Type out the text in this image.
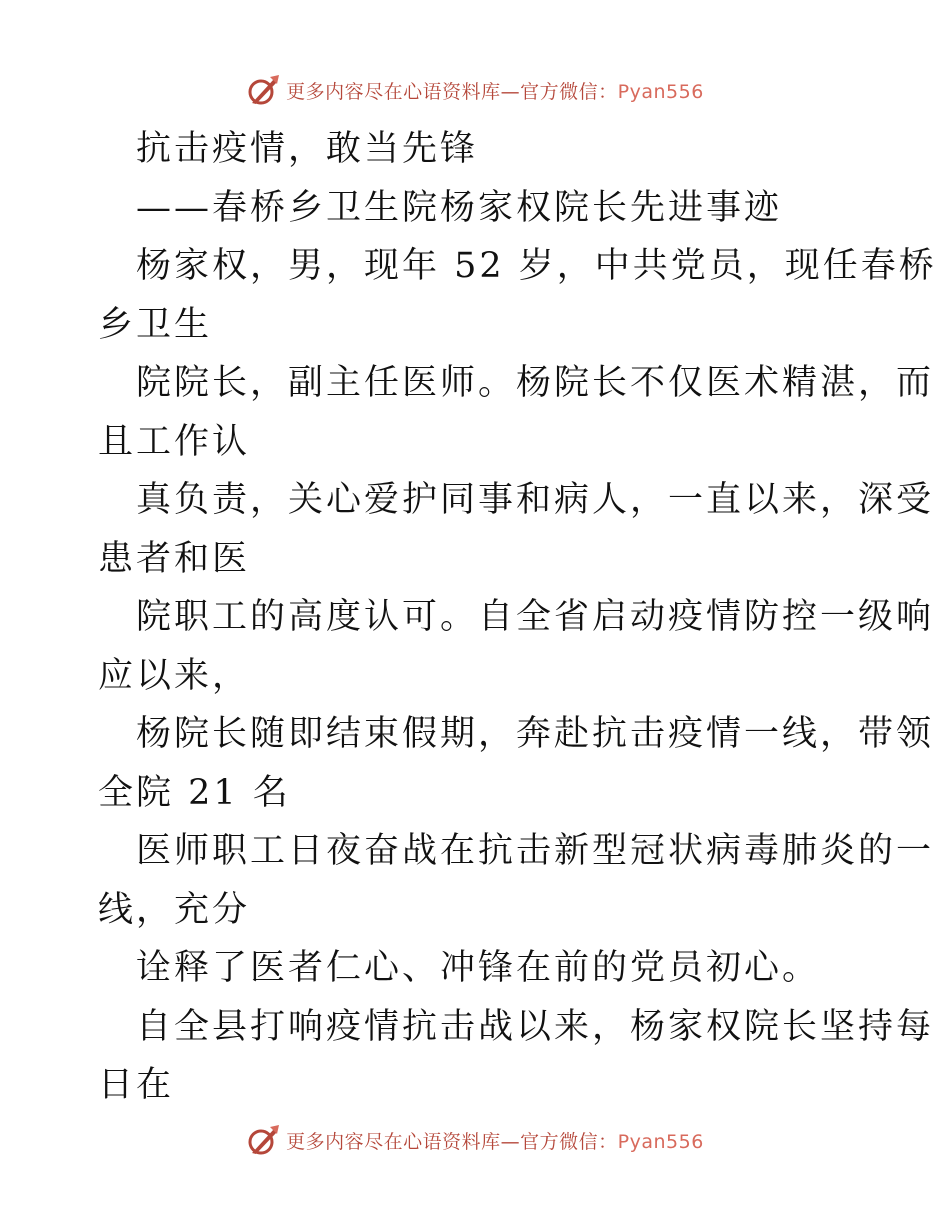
更多内容尽在心语资料库—官方微信：Pyan556
抗击疫情，敢当先锋
——春桥乡卫生院杨家权院长先进事迹
杨家权，男，现年 52 岁，中共党员，现任春桥
乡卫生
院院长，副主任医师。杨院长不仅医术精湛，而
且工作认
真负责，关心爱护同事和病人，一直以来，深受
患者和医
院职工的高度认可。自全省启动疫情防控一级响
应以来，
杨院长随即结束假期，奔赴抗击疫情一线，带领
全院 21 名
医师职工日夜奋战在抗击新型冠状病毒肺炎的一
线，充分
诠释了医者仁心、冲锋在前的党员初心。
自全县打响疫情抗击战以来，杨家权院长坚持每
日在
更多内容尽在心语资料库—官方微信：Pyan556
